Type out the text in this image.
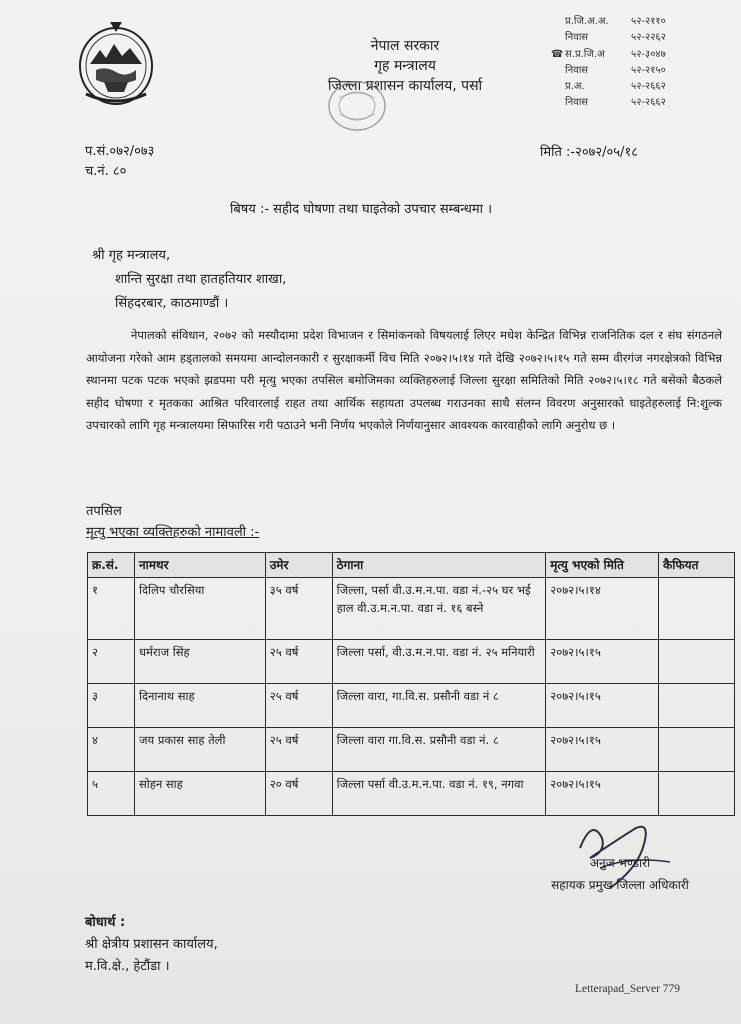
नेपाल सरकार
गृह मन्त्रालय
जिल्ला प्रशासन कार्यालय, पर्सा
प्र.जि.अ.अ.	५२-२११०
निवास	५२-२२६२
☎ स.प्र.जि.अ	५२-३०४७
निवास	५२-२१५०
प्र.अ.	५२-२६६२
निवास	५२-२६६२
प.सं.०७२/०७३
च.नं. ८०
मिति :-२०७२/०५/१८
बिषय :- सहीद घोषणा तथा घाइतेको उपचार सम्बन्धमा ।
श्री गृह मन्त्रालय,
शान्ति सुरक्षा तथा हातहतियार शाखा,
सिंहदरबार, काठमाण्डौं ।
नेपालको संविधान, २०७२ को मस्यौदामा प्रदेश विभाजन र सिमांकनको विषयलाई लिएर मधेश केन्द्रित विभिन्न राजनितिक दल र संघ संगठनले आयोजना गरेको आम हड्तालको समयमा आन्दोलनकारी र सुरक्षाकर्मी विच मिति २०७२।५।१४ गते देखि २०७२।५।१५ गते सम्म वीरगंज नगरक्षेत्रको विभिन्न स्थानमा पटक पटक भएको झडपमा परी मृत्यु भएका तपसिल बमोजिमका व्यक्तिहरुलाई जिल्ला सुरक्षा समितिको मिति २०७२।५।१८ गते बसेको बैठकले सहीद घोषणा र मृतकका आश्रित परिवारलाई राहत तथा आर्थिक सहायता उपलब्ध गराउनका साथै संलग्न विवरण अनुसारको घाइतेहरुलाई नि:शुल्क उपचारको लागि गृह मन्त्रालयमा सिफारिस गरी पठाउने भनी निर्णय भएकोले निर्णयानुसार आवश्यक कारवाहीको लागि अनुरोध छ ।
तपसिल
मृत्यु भएका व्यक्तिहरुको नामावली :-
क्र.सं.	नामथर	उमेर	ठेगाना	मृत्यु भएको मिति	कैफियत
१	दिलिप चौरसिया	३५ वर्ष	जिल्ला, पर्सा वी.उ.म.न.पा. वडा नं.-२५ घर भई हाल वी.उ.म.न.पा. वडा नं. १६ बस्ने	२०७२।५।१४	
२	धर्मराज सिंह	२५ वर्ष	जिल्ला पर्सा, वी.उ.म.न.पा. वडा नं. २५ मनियारी	२०७२।५।१५	
३	दिनानाथ साह	२५ वर्ष	जिल्ला वारा, गा.वि.स. प्रसौनी वडा नं ८	२०७२।५।१५	
४	जय प्रकास साह तेली	२५ वर्ष	जिल्ला वारा गा.वि.स. प्रसौनी वडा नं. ८	२०७२।५।१५	
५	सोहन साह	२० वर्ष	जिल्ला पर्सा वी.उ.म.न.पा. वडा नं. १९, नगवा	२०७२।५।१५	
अनुज भण्डारी
सहायक प्रमुख जिल्ला अधिकारी
बोधार्थ :
श्री क्षेत्रीय प्रशासन कार्यालय,
म.वि.क्षे., हेटौंडा ।
Letterapad_Server 779
